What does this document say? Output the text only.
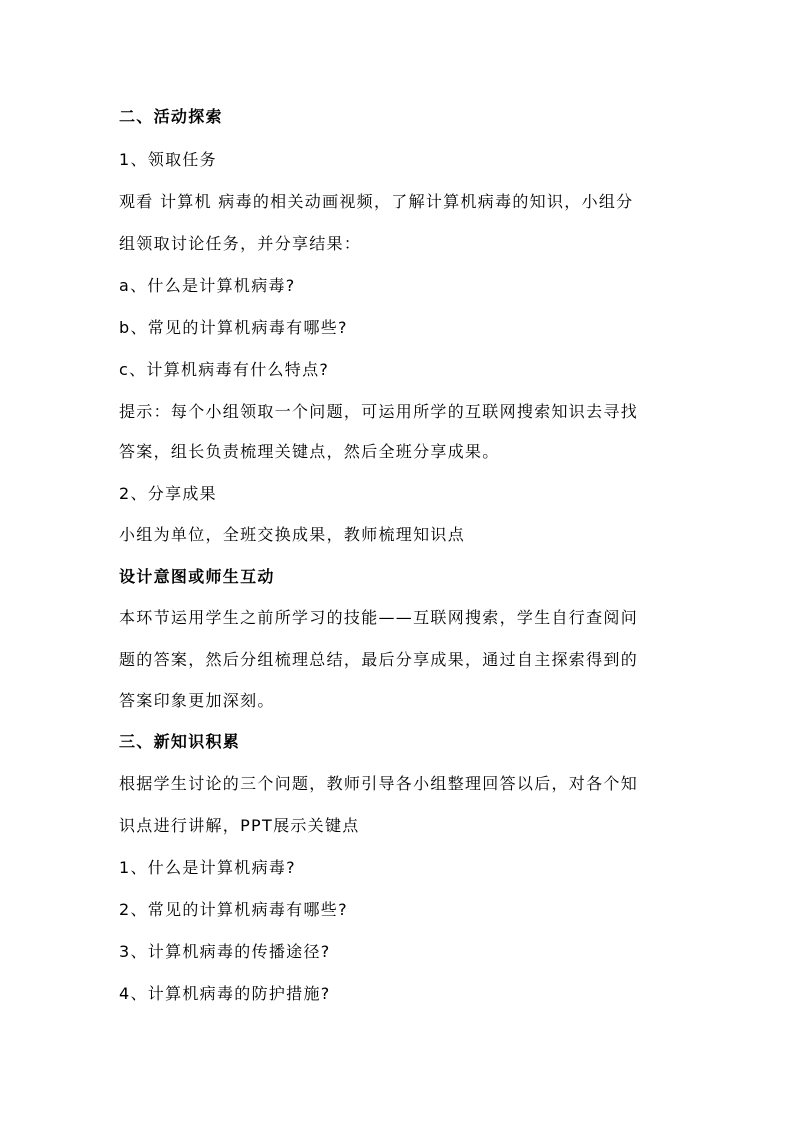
二、活动探索
1、领取任务
观看 计算机 病毒的相关动画视频，了解计算机病毒的知识，小组分
组领取讨论任务，并分享结果：
a、什么是计算机病毒?
b、常见的计算机病毒有哪些?
c、计算机病毒有什么特点?
提示：每个小组领取一个问题，可运用所学的互联网搜索知识去寻找
答案，组长负责梳理关键点，然后全班分享成果。
2、分享成果
小组为单位，全班交换成果，教师梳理知识点
设计意图或师生互动
本环节运用学生之前所学习的技能——互联网搜索，学生自行查阅问
题的答案，然后分组梳理总结，最后分享成果，通过自主探索得到的
答案印象更加深刻。
三、新知识积累
根据学生讨论的三个问题，教师引导各小组整理回答以后，对各个知
识点进行讲解，PPT展示关键点
1、什么是计算机病毒?
2、常见的计算机病毒有哪些?
3、计算机病毒的传播途径?
4、计算机病毒的防护措施?
